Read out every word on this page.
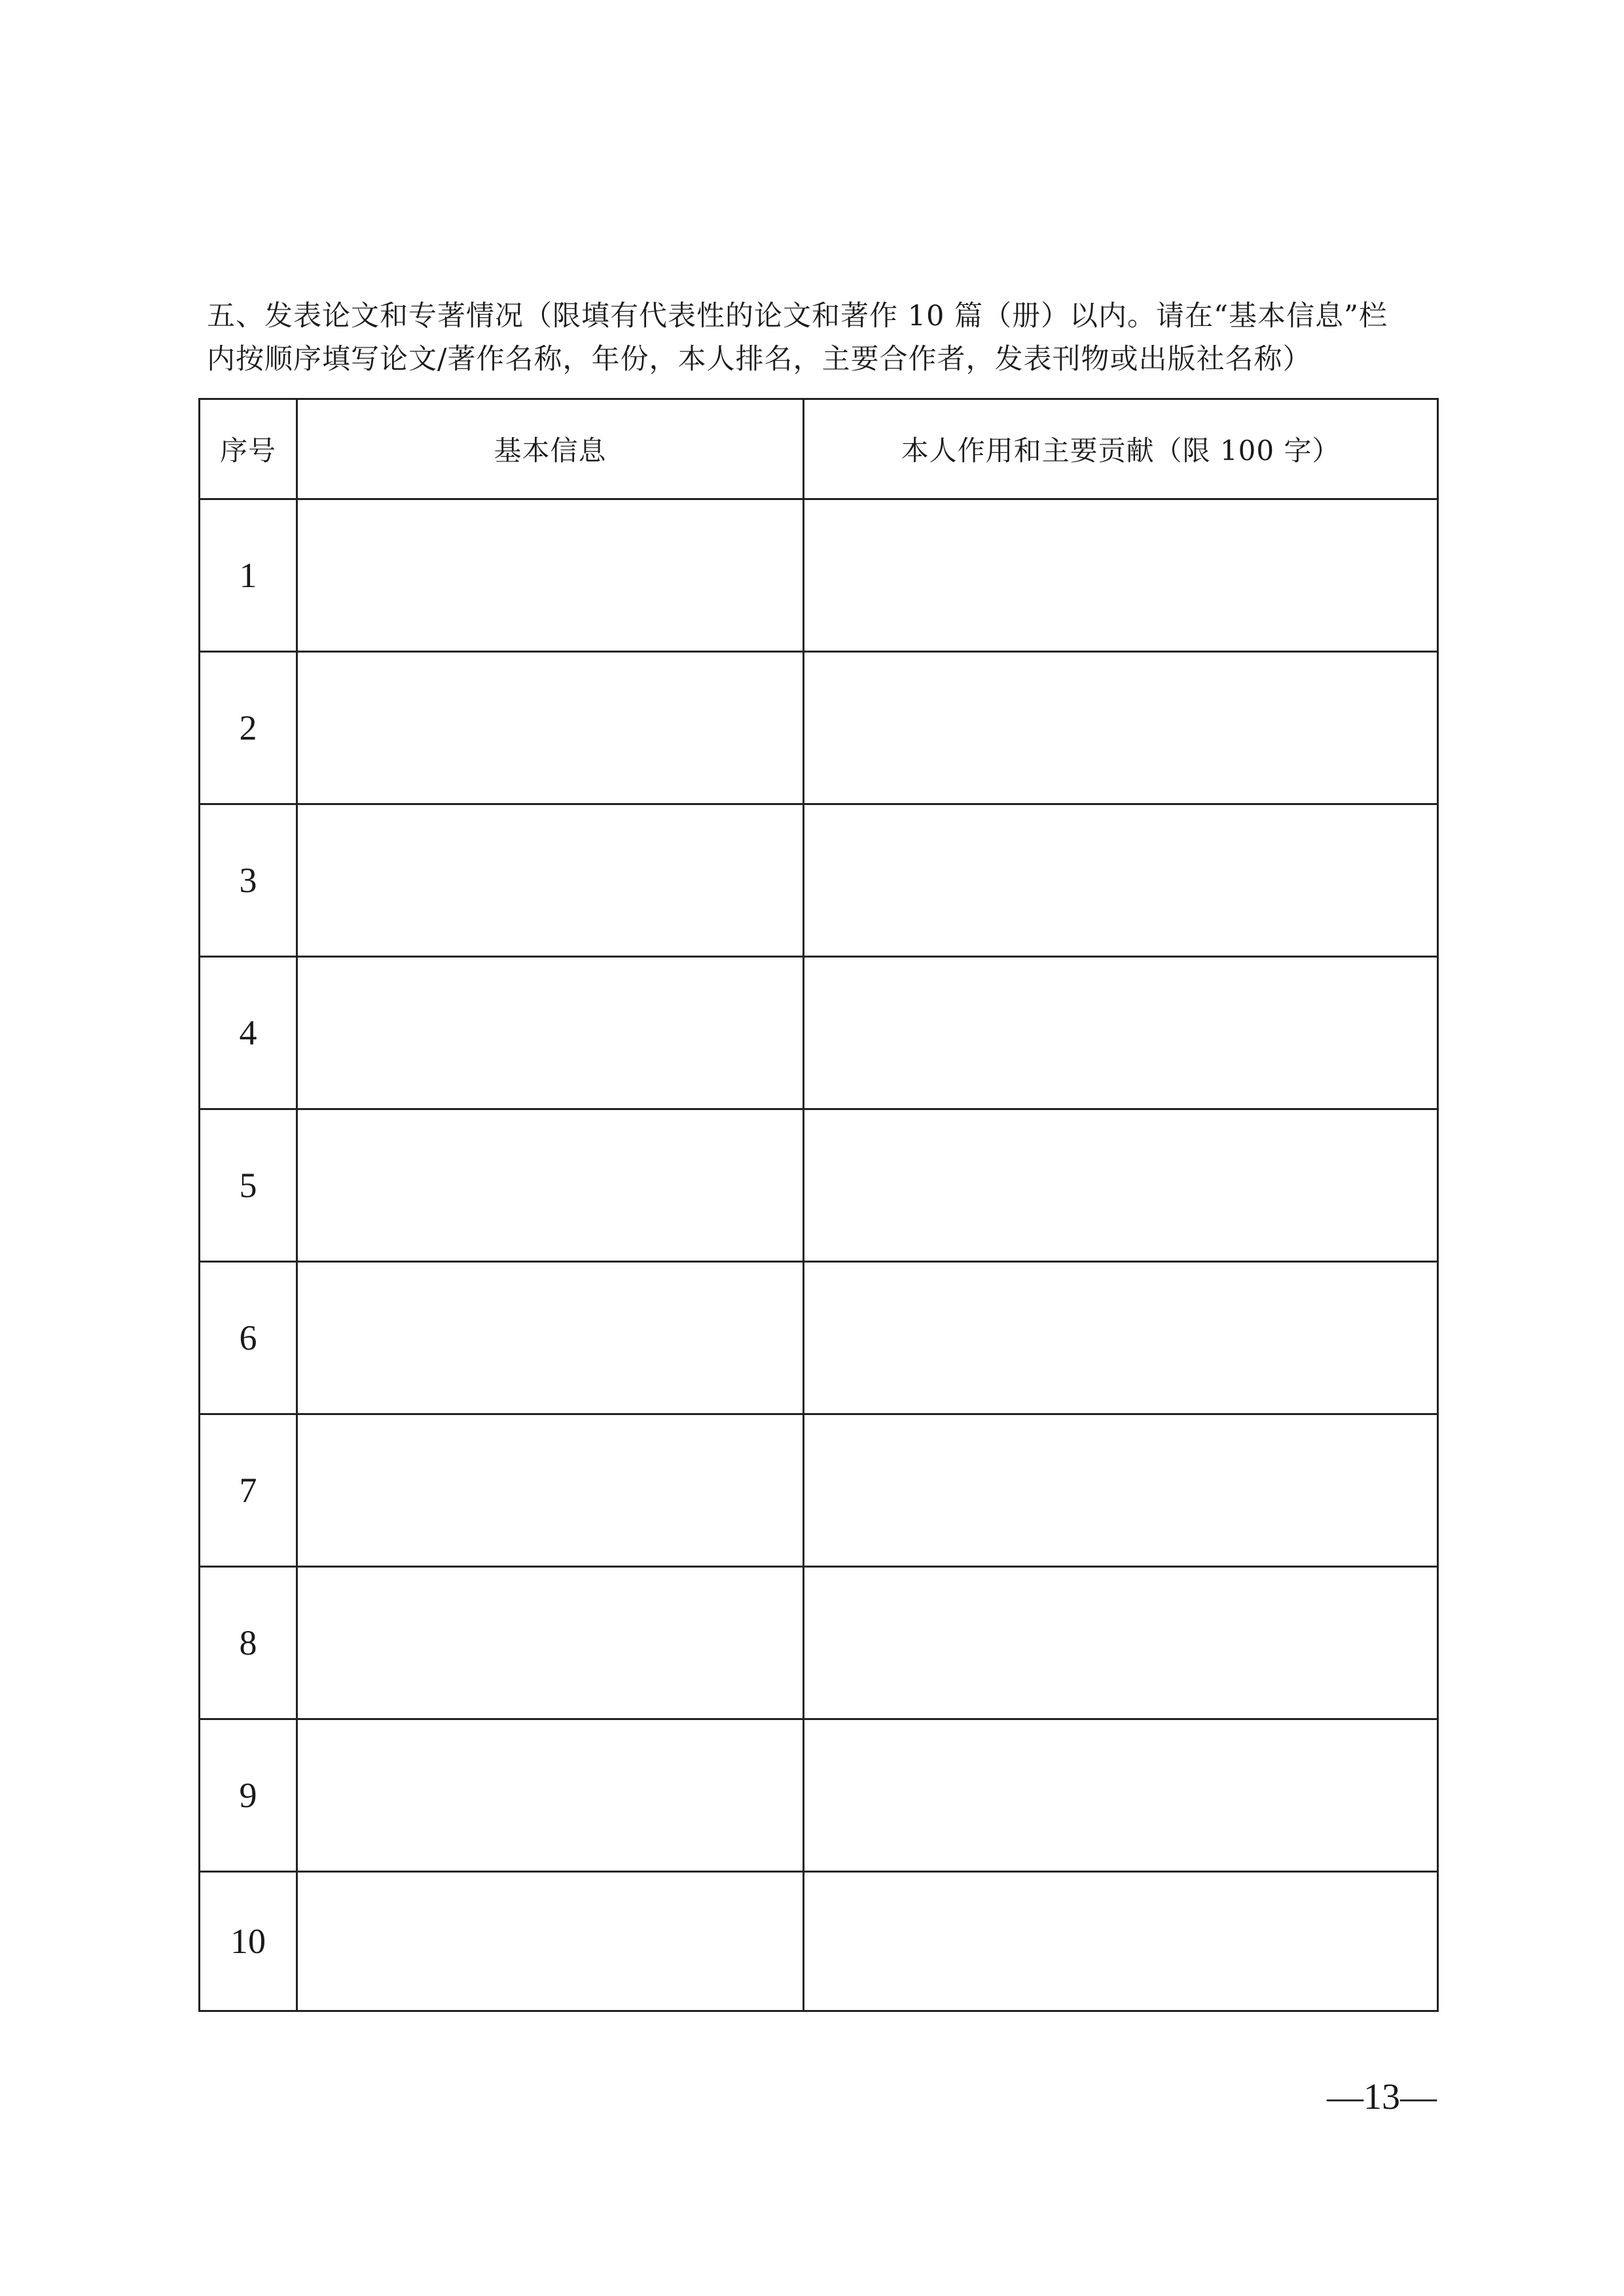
五、发表论文和专著情况（限填有代表性的论文和著作 10 篇（册）以内。请在“基本信息”栏

内按顺序填写论文/著作名称，年份，本人排名，主要合作者，发表刊物或出版社名称）

序号	基本信息	本人作用和主要贡献（限 100 字）
1		
2		
3		
4		
5		
6		
7		
8		
9		
10		
—13—
